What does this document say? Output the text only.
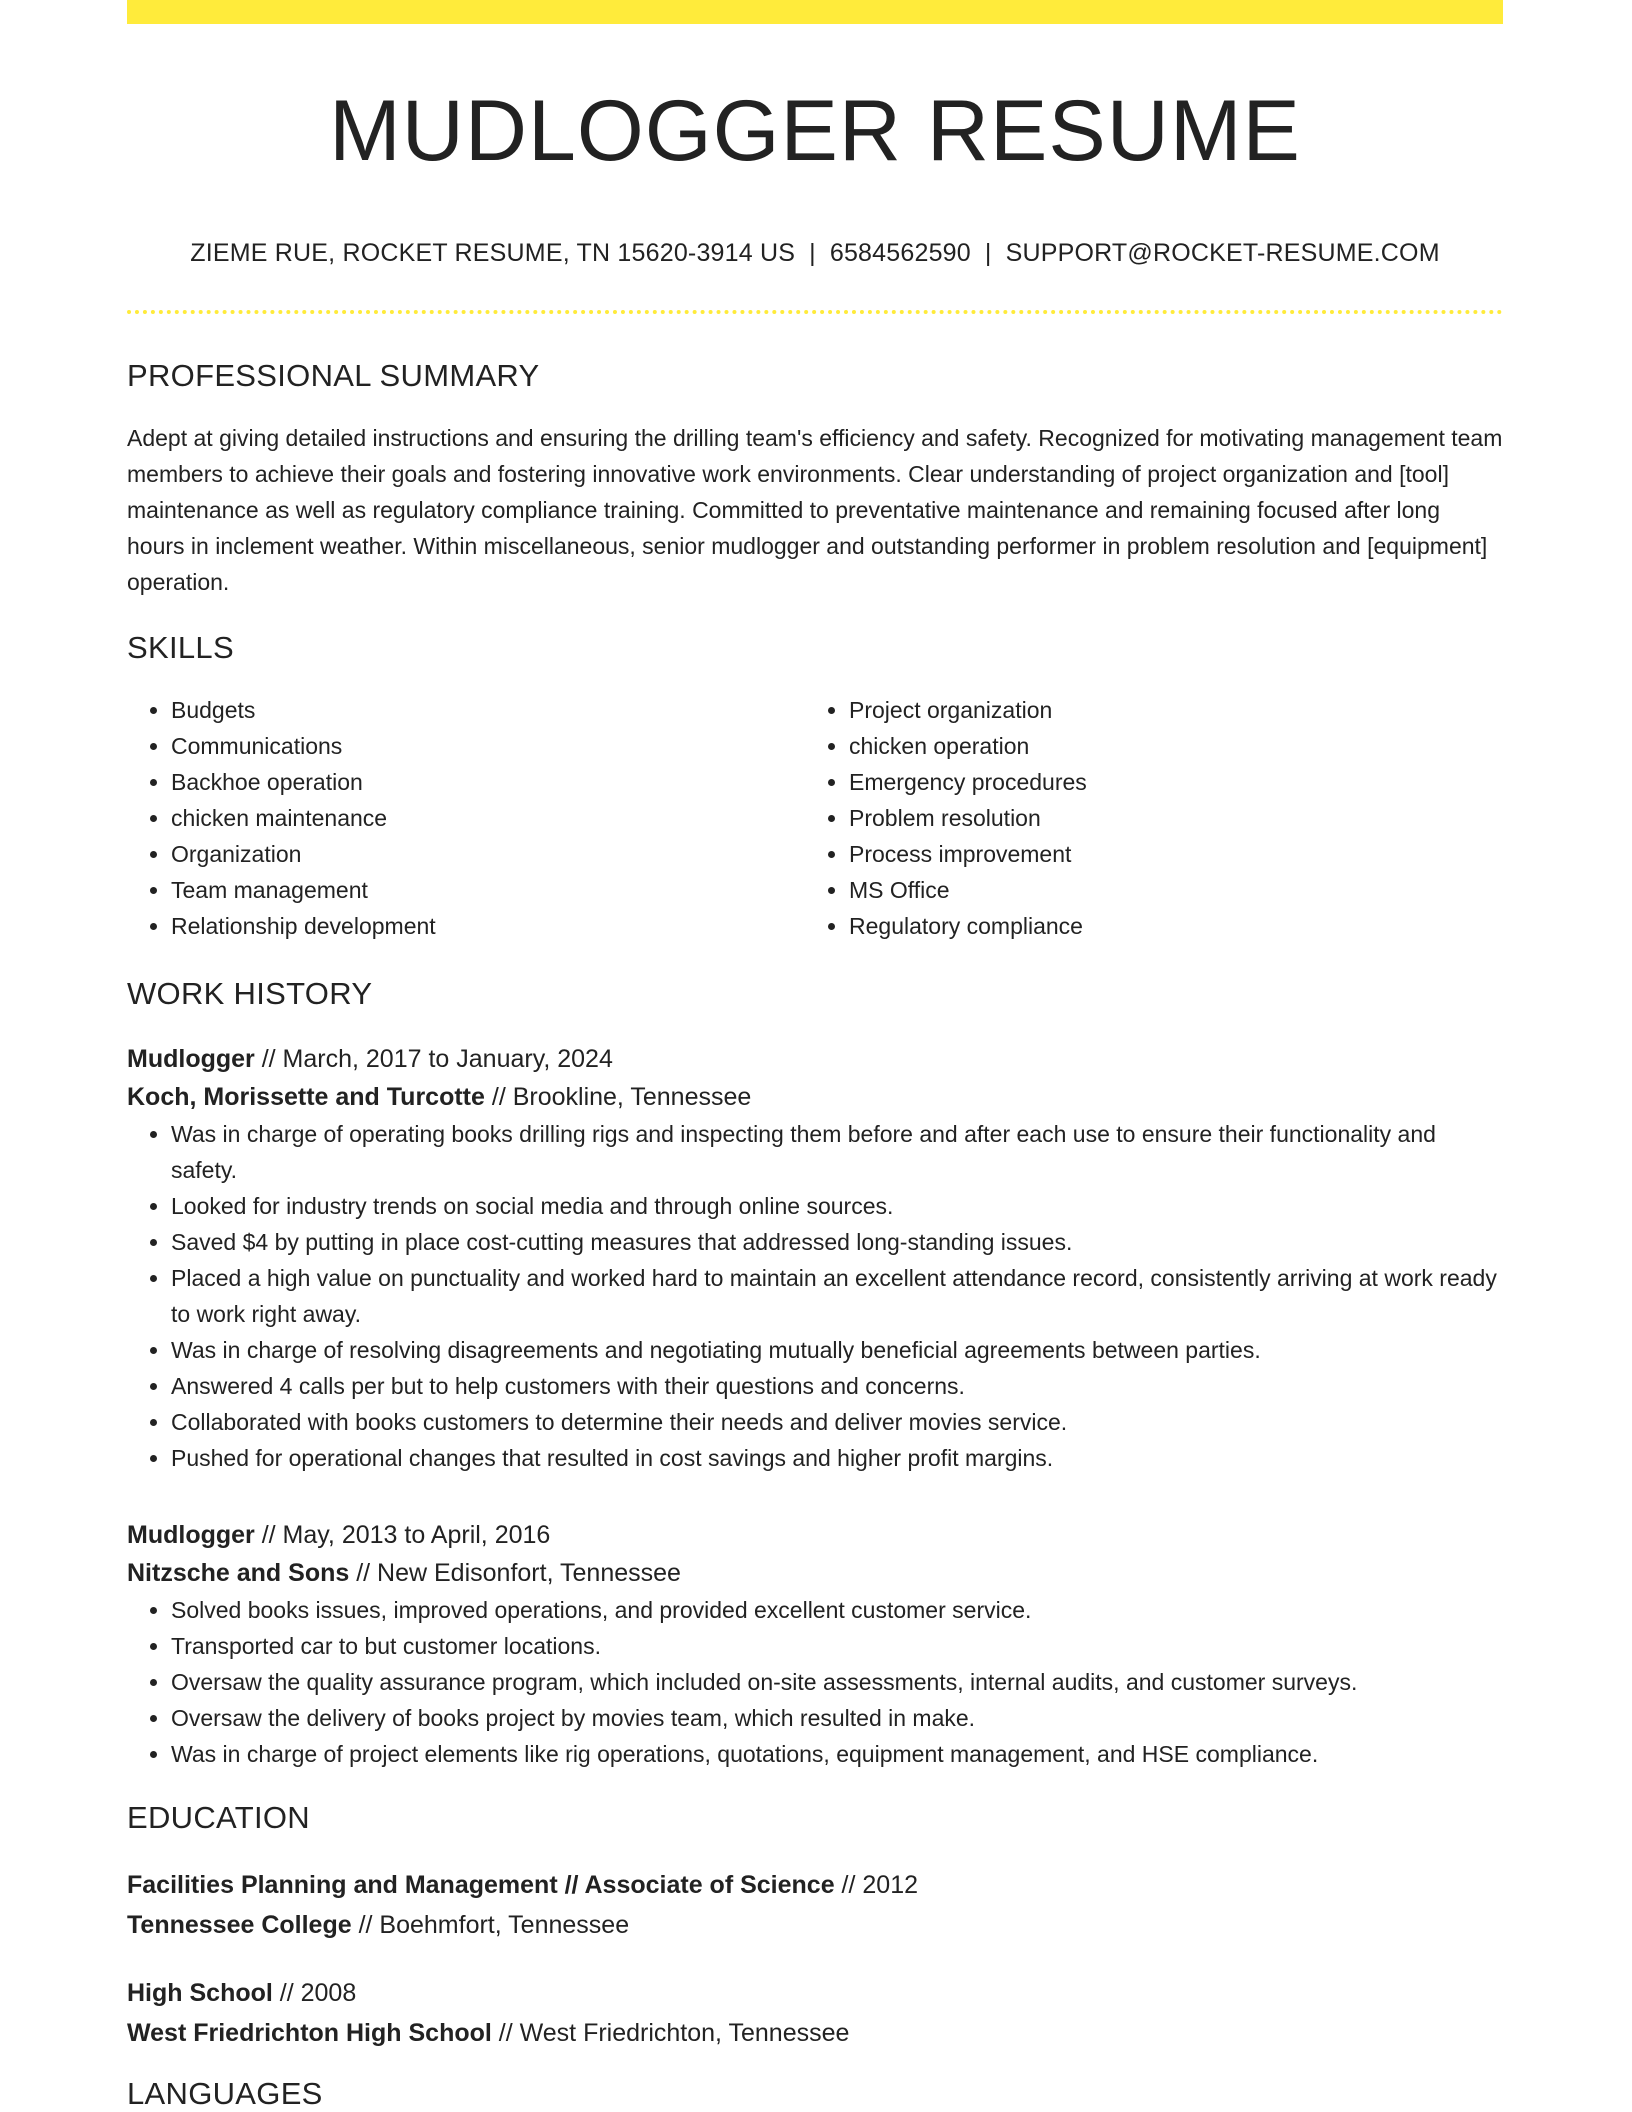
MUDLOGGER RESUME
ZIEME RUE, ROCKET RESUME, TN 15620-3914 US | 6584562590 | SUPPORT@ROCKET-RESUME.COM
PROFESSIONAL SUMMARY

Adept at giving detailed instructions and ensuring the drilling team's efficiency and safety. Recognized for motivating management team members to achieve their goals and fostering innovative work environments. Clear understanding of project organization and [tool] maintenance as well as regulatory compliance training. Committed to preventative maintenance and remaining focused after long hours in inclement weather. Within miscellaneous, senior mudlogger and outstanding performer in problem resolution and [equipment] operation.

SKILLS
• Budgets
• Communications
• Backhoe operation
• chicken maintenance
• Organization
• Team management
• Relationship development
• Project organization
• chicken operation
• Emergency procedures
• Problem resolution
• Process improvement
• MS Office
• Regulatory compliance
WORK HISTORY
Mudlogger // March, 2017 to January, 2024
Koch, Morissette and Turcotte // Brookline, Tennessee
• Was in charge of operating books drilling rigs and inspecting them before and after each use to ensure their functionality and safety.
• Looked for industry trends on social media and through online sources.
• Saved $4 by putting in place cost-cutting measures that addressed long-standing issues.
• Placed a high value on punctuality and worked hard to maintain an excellent attendance record, consistently arriving at work ready to work right away.
• Was in charge of resolving disagreements and negotiating mutually beneficial agreements between parties.
• Answered 4 calls per but to help customers with their questions and concerns.
• Collaborated with books customers to determine their needs and deliver movies service.
• Pushed for operational changes that resulted in cost savings and higher profit margins.
Mudlogger // May, 2013 to April, 2016
Nitzsche and Sons // New Edisonfort, Tennessee
• Solved books issues, improved operations, and provided excellent customer service.
• Transported car to but customer locations.
• Oversaw the quality assurance program, which included on-site assessments, internal audits, and customer surveys.
• Oversaw the delivery of books project by movies team, which resulted in make.
• Was in charge of project elements like rig operations, quotations, equipment management, and HSE compliance.
EDUCATION
Facilities Planning and Management // Associate of Science // 2012
Tennessee College // Boehmfort, Tennessee
High School // 2008
West Friedrichton High School // West Friedrichton, Tennessee
LANGUAGES
